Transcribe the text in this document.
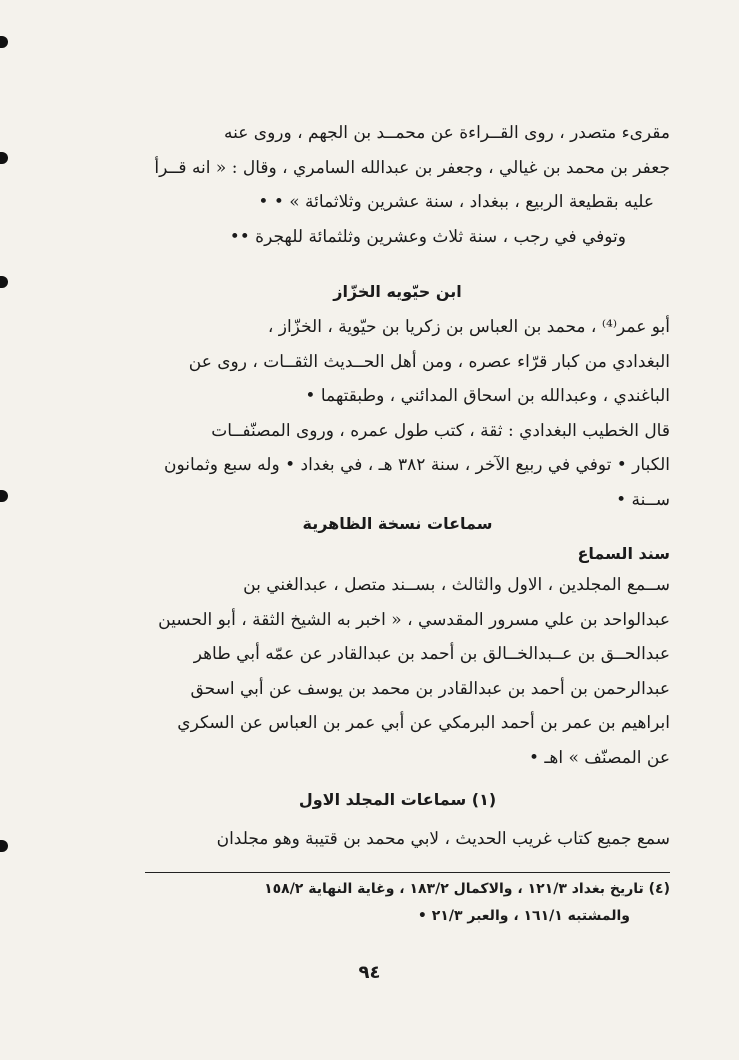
مقرىء متصدر ، روى القــراءة عن محمــد بن الجهم ، وروى عنه

جعفر بن محمد بن غيالي ، وجعفر بن عبدالله السامري ، وقال : « انه قــرأ

عليه بقطيعة الربيع ، ببغداد ، سنة عشرين وثلاثمائة » • •

وتوفي في رجب ، سنة ثلاث وعشرين وثلثمائة للهجرة ••

ابن حيّويه الخزّاز

أبو عمر⁽⁴⁾ ، محمد بن العباس بن زكريا بن حيّوية ، الخزّاز ،

البغدادي من كبار قرّاء عصره ، ومن أهل الحــديث الثقــات ، روى عن

الباغندي ، وعبدالله بن اسحاق المدائني ، وطبقتهما •

قال الخطيب البغدادي : ثقة ، كتب طول عمره ، وروى المصنّفــات

الكبار • توفي في ربيع الآخر ، سنة ٣٨٢ هـ ، في بغداد • وله سبع وثمانون

ســنة •

سماعات نسخة الظاهرية
سند السماع

ســمع المجلدين ، الاول والثالث ، بســند متصل ، عبدالغني بن

عبدالواحد بن علي مسرور المقدسي ، « اخبر به الشيخ الثقة ، أبو الحسين

عبدالحــق بن عــبدالخــالق بن أحمد بن عبدالقادر عن عمّه أبي طاهر

عبدالرحمن بن أحمد بن عبدالقادر بن محمد بن يوسف عن أبي اسحق

ابراهيم بن عمر بن أحمد البرمكي عن أبي عمر بن العباس عن السكري

عن المصنّف » اهـ •

(١) سماعات المجلد الاول

سمع جميع كتاب غريب الحديث ، لابي محمد بن قتيبة وهو مجلدان

(٤) تاريخ بغداد ١٢١/٣ ، والاكمال ١٨٣/٢ ، وغاية النهاية ١٥٨/٢
والمشتبه ١٦١/١ ، والعبر ٢١/٣ •
٩٤
